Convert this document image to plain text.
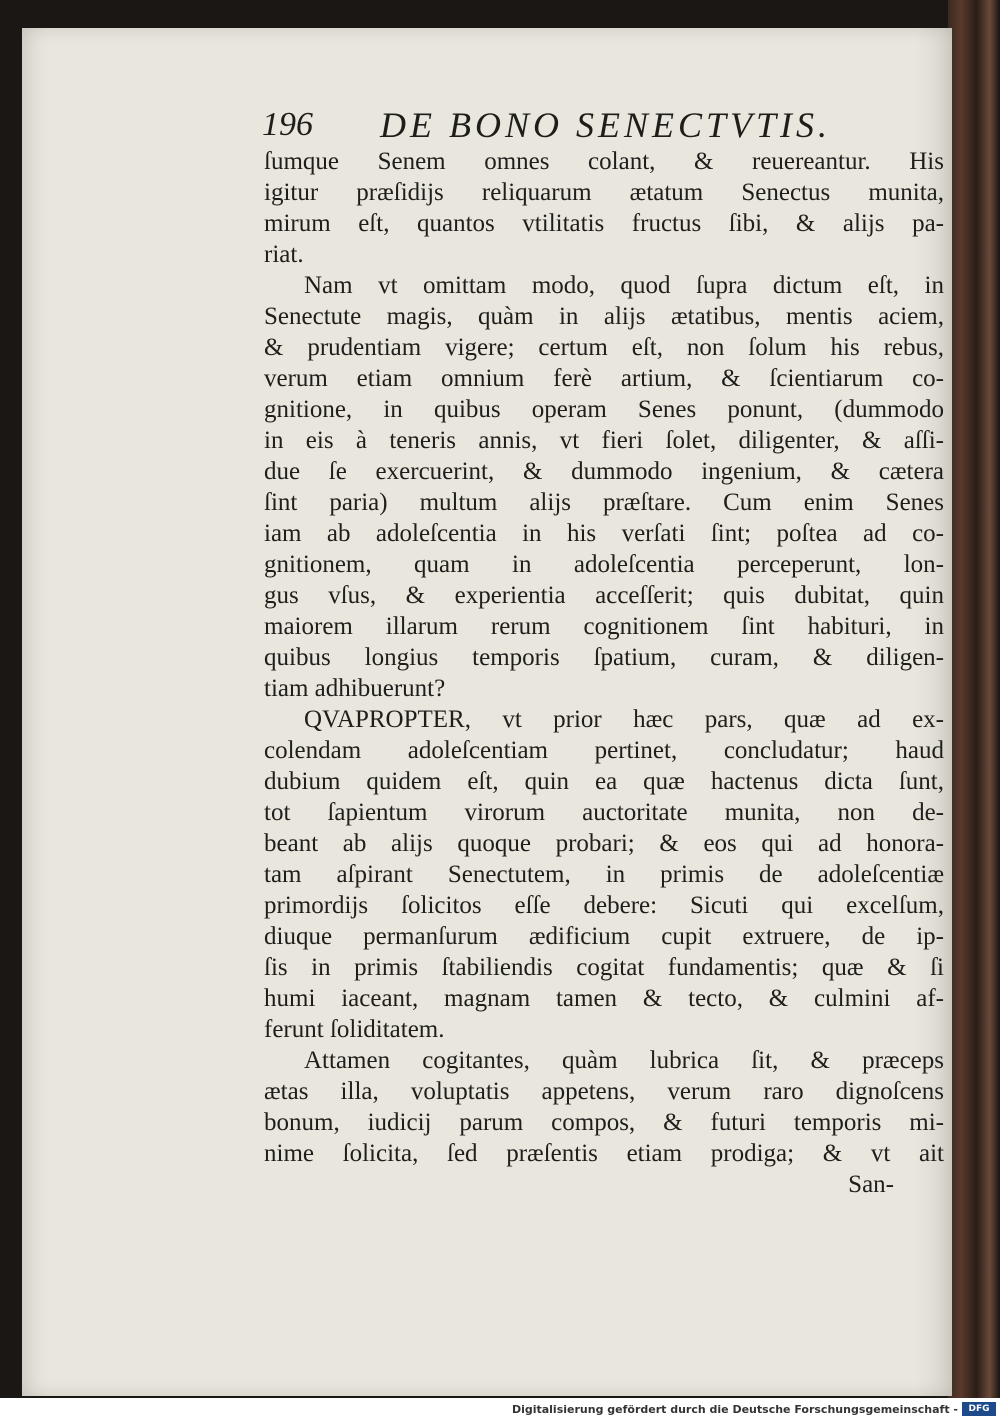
196 DE BONO SENECTVTIS.
ſumque Senem omnes colant, & reuereantur. His
igitur præſidijs reliquarum ætatum Senectus munita,
mirum eſt, quantos vtilitatis fructus ſibi, & alijs pa-
riat.
Nam vt omittam modo, quod ſupra dictum eſt, in
Senectute magis, quàm in alijs ætatibus, mentis aciem,
& prudentiam vigere; certum eſt, non ſolum his rebus,
verum etiam omnium ferè artium, & ſcientiarum co-
gnitione, in quibus operam Senes ponunt, (dummodo
in eis à teneris annis, vt fieri ſolet, diligenter, & aſſi-
due ſe exercuerint, & dummodo ingenium, & cætera
ſint paria) multum alijs præſtare. Cum enim Senes
iam ab adoleſcentia in his verſati ſint; poſtea ad co-
gnitionem, quam in adoleſcentia perceperunt, lon-
gus vſus, & experientia acceſſerit; quis dubitat, quin
maiorem illarum rerum cognitionem ſint habituri, in
quibus longius temporis ſpatium, curam, & diligen-
tiam adhibuerunt?
QVAPROPTER, vt prior hæc pars, quæ ad ex-
colendam adoleſcentiam pertinet, concludatur; haud
dubium quidem eſt, quin ea quæ hactenus dicta ſunt,
tot ſapientum virorum auctoritate munita, non de-
beant ab alijs quoque probari; & eos qui ad honora-
tam aſpirant Senectutem, in primis de adoleſcentiæ
primordijs ſolicitos eſſe debere: Sicuti qui excelſum,
diuque permanſurum ædificium cupit extruere, de ip-
ſis in primis ſtabiliendis cogitat fundamentis; quæ & ſi
humi iaceant, magnam tamen & tecto, & culmini af-
ferunt ſoliditatem.
Attamen cogitantes, quàm lubrica ſit, & præceps
ætas illa, voluptatis appetens, verum raro dignoſcens
bonum, iudicij parum compos, & futuri temporis mi-
nime ſolicita, ſed præſentis etiam prodiga; & vt ait
San-
Digitalisierung gefördert durch die Deutsche Forschungsgemeinschaft -	DFG
